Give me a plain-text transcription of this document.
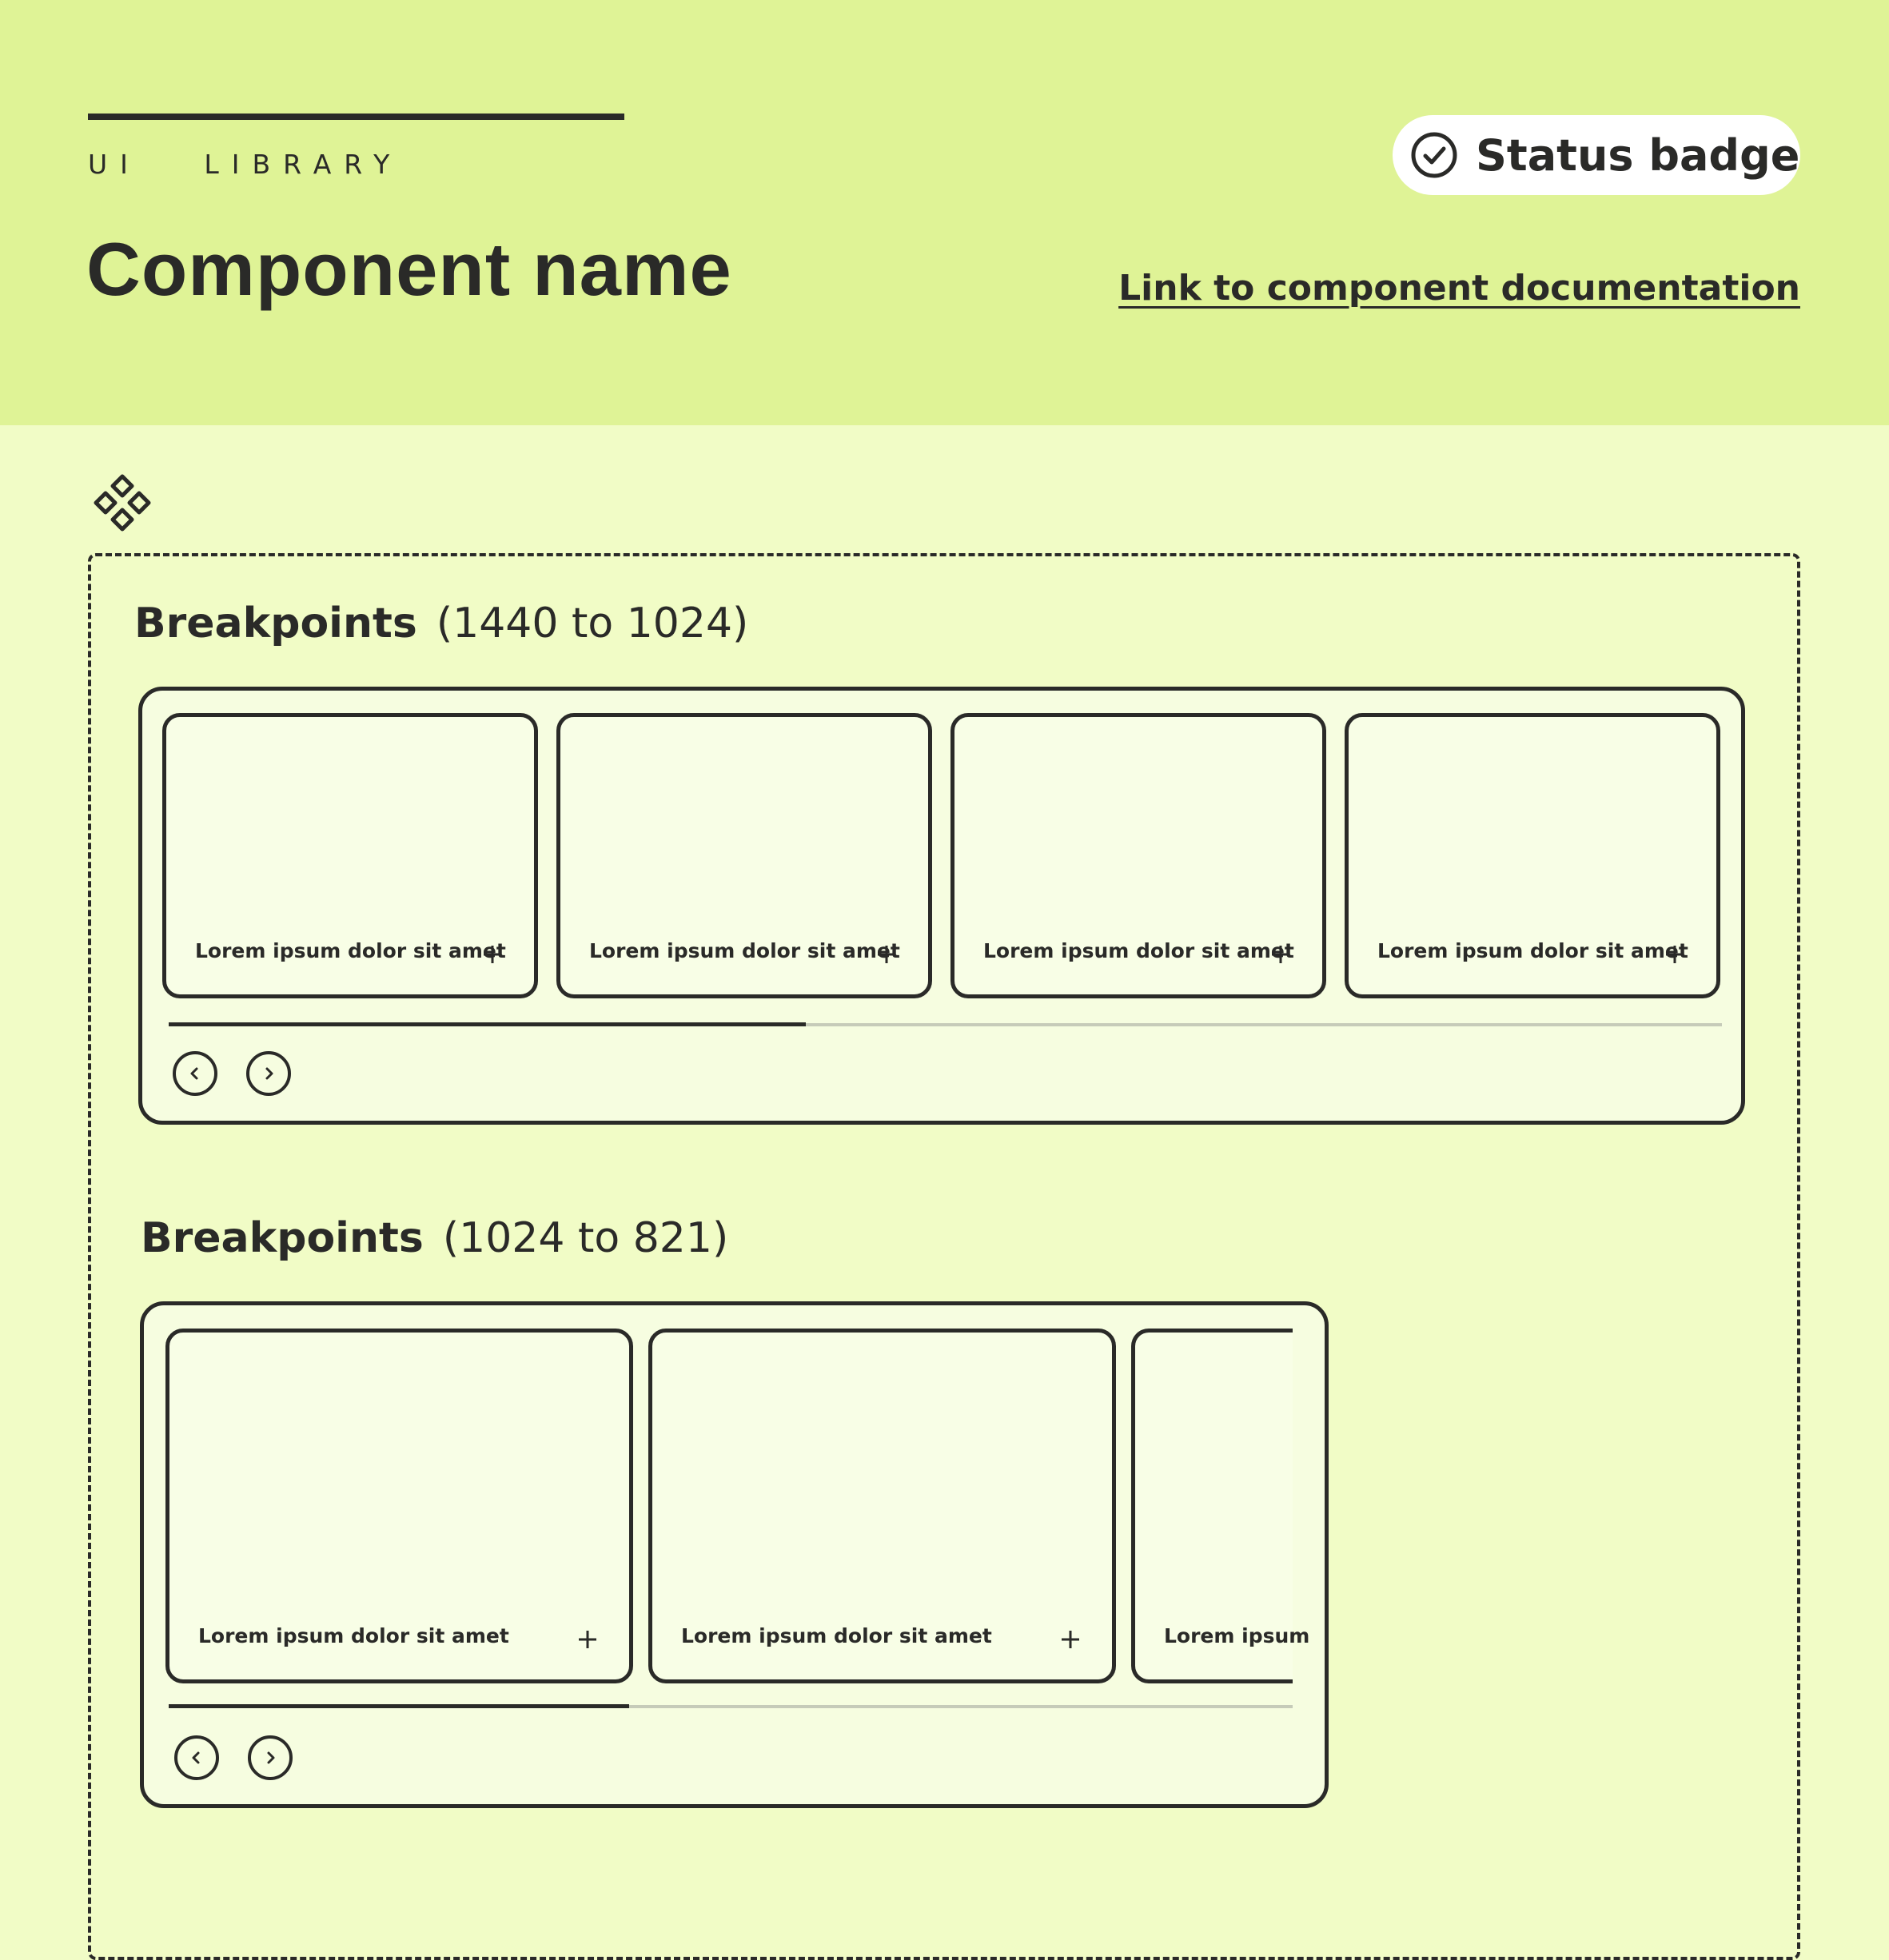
UI   LIBRARY
Component name
Status badge
Link to component documentation
Breakpoints (1440 to 1024)
Lorem ipsum dolor sit amet	Lorem ipsum dolor sit amet	Lorem ipsum dolor sit amet	Lorem ipsum dolor sit amet
Breakpoints (1024 to 821)
Lorem ipsum dolor sit amet	Lorem ipsum dolor sit amet	Lorem ipsum
